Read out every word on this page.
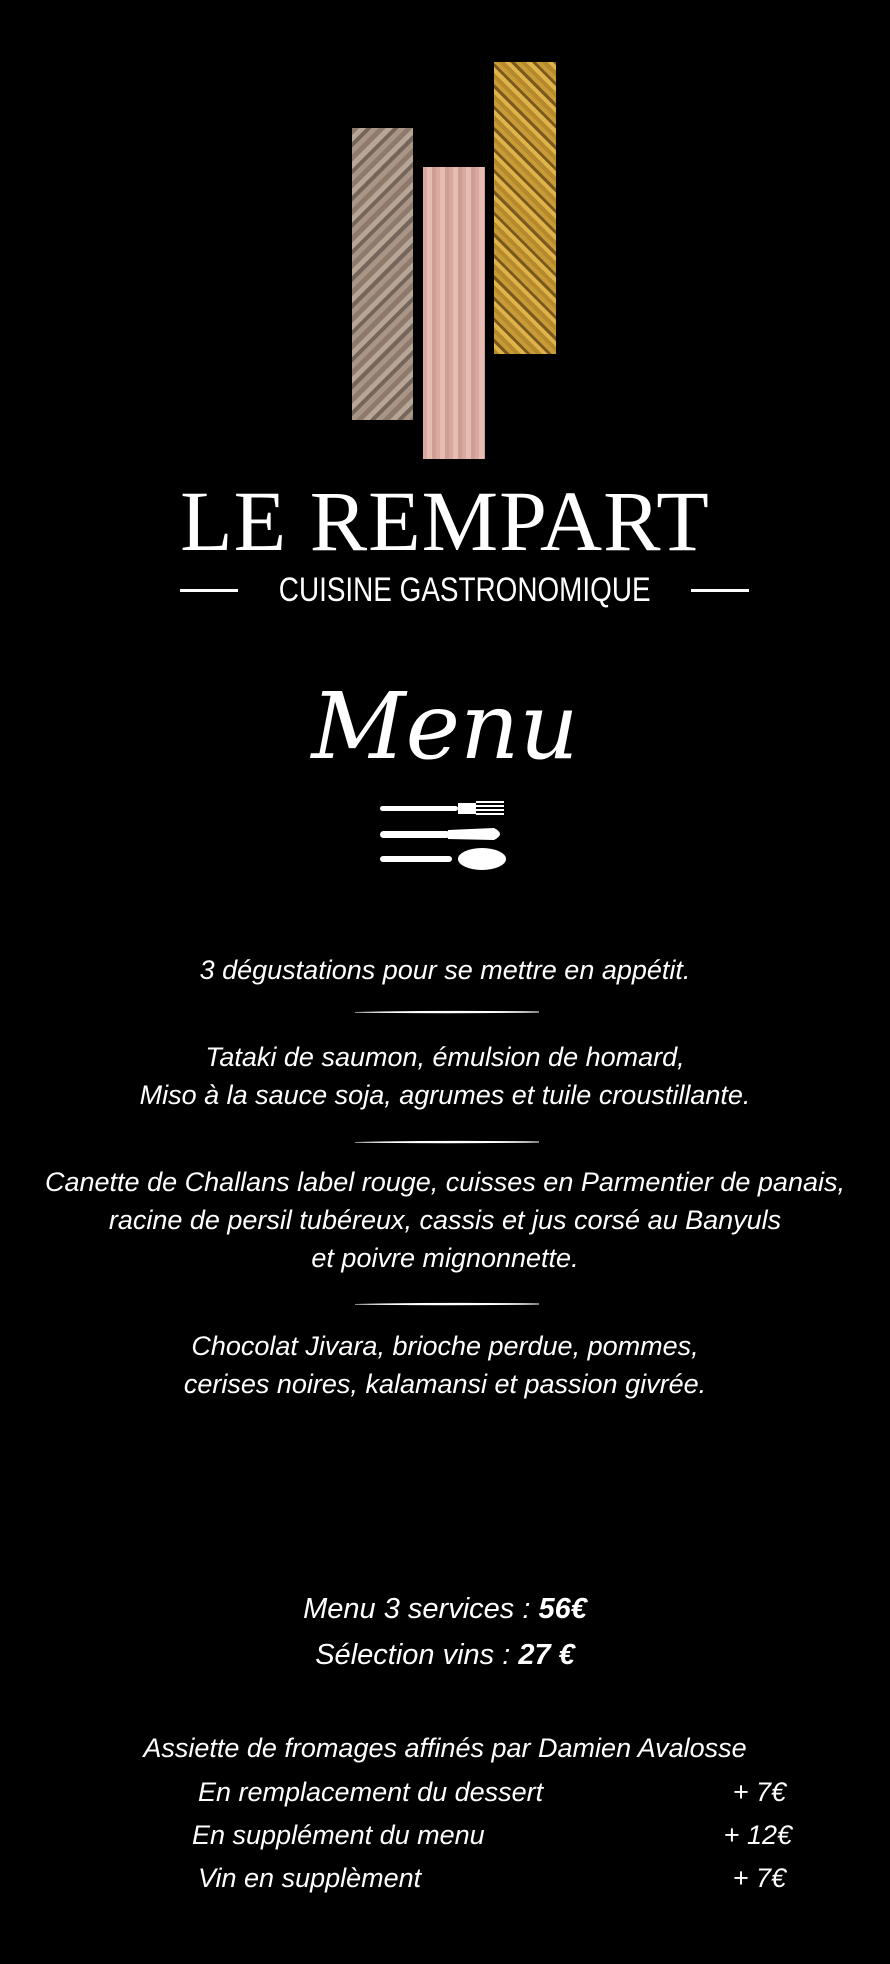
LE REMPART
CUISINE GASTRONOMIQUE
Menu
3 dégustations pour se mettre en appétit.
Tataki de saumon, émulsion de homard,
Miso à la sauce soja, agrumes et tuile croustillante.
Canette de Challans label rouge, cuisses en Parmentier de panais,
racine de persil tubéreux, cassis et jus corsé au Banyuls
et poivre mignonnette.
Chocolat Jivara, brioche perdue, pommes,
cerises noires, kalamansi et passion givrée.
Menu 3 services : 56€
Sélection vins : 27 €
Assiette de fromages affinés par Damien Avalosse
En remplacement du dessert	+ 7€
En supplément du menu	+ 12€
Vin en supplèment	+ 7€
